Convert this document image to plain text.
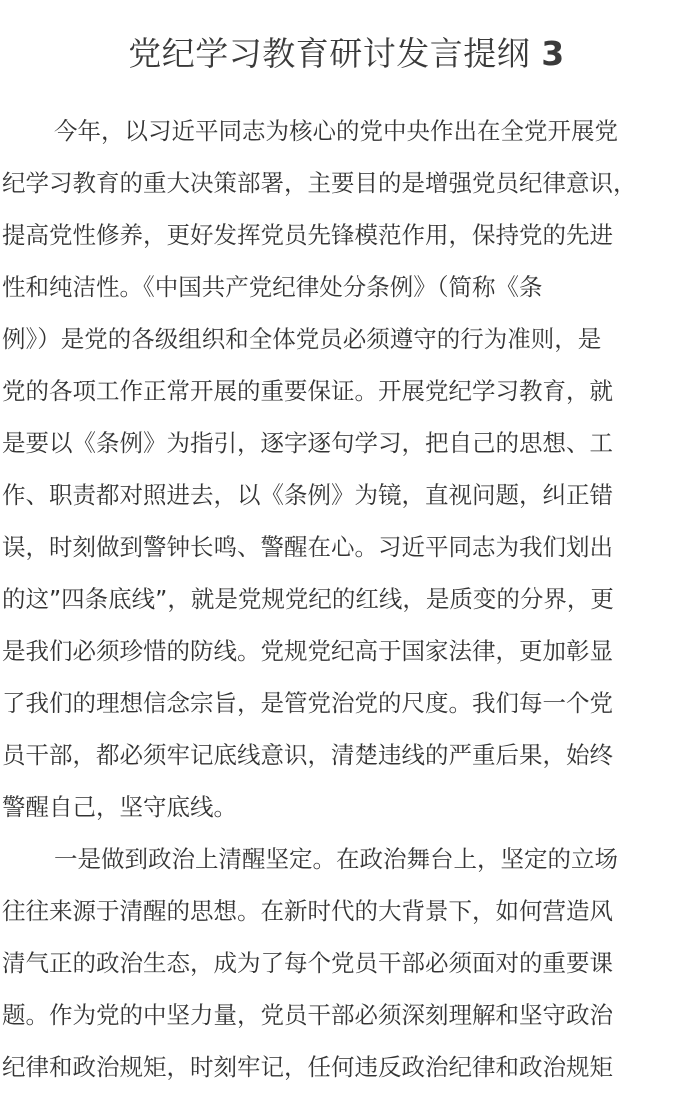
党纪学习教育研讨发言提纲 3
今年，以习近平同志为核心的党中央作出在全党开展党
纪学习教育的重大决策部署，主要目的是增强党员纪律意识，
提高党性修养，更好发挥党员先锋模范作用，保持党的先进
性和纯洁性。《中国共产党纪律处分条例》（简称《条
例》）是党的各级组织和全体党员必须遵守的行为准则，是
党的各项工作正常开展的重要保证。开展党纪学习教育，就
是要以《条例》为指引，逐字逐句学习，把自己的思想、工
作、职责都对照进去，以《条例》为镜，直视问题，纠正错
误，时刻做到警钟长鸣、警醒在心。习近平同志为我们划出
的这”四条底线”，就是党规党纪的红线，是质变的分界，更
是我们必须珍惜的防线。党规党纪高于国家法律，更加彰显
了我们的理想信念宗旨，是管党治党的尺度。我们每一个党
员干部，都必须牢记底线意识，清楚违线的严重后果，始终
警醒自己，坚守底线。
一是做到政治上清醒坚定。在政治舞台上，坚定的立场
往往来源于清醒的思想。在新时代的大背景下，如何营造风
清气正的政治生态，成为了每个党员干部必须面对的重要课
题。作为党的中坚力量，党员干部必须深刻理解和坚守政治
纪律和政治规矩，时刻牢记，任何违反政治纪律和政治规矩
